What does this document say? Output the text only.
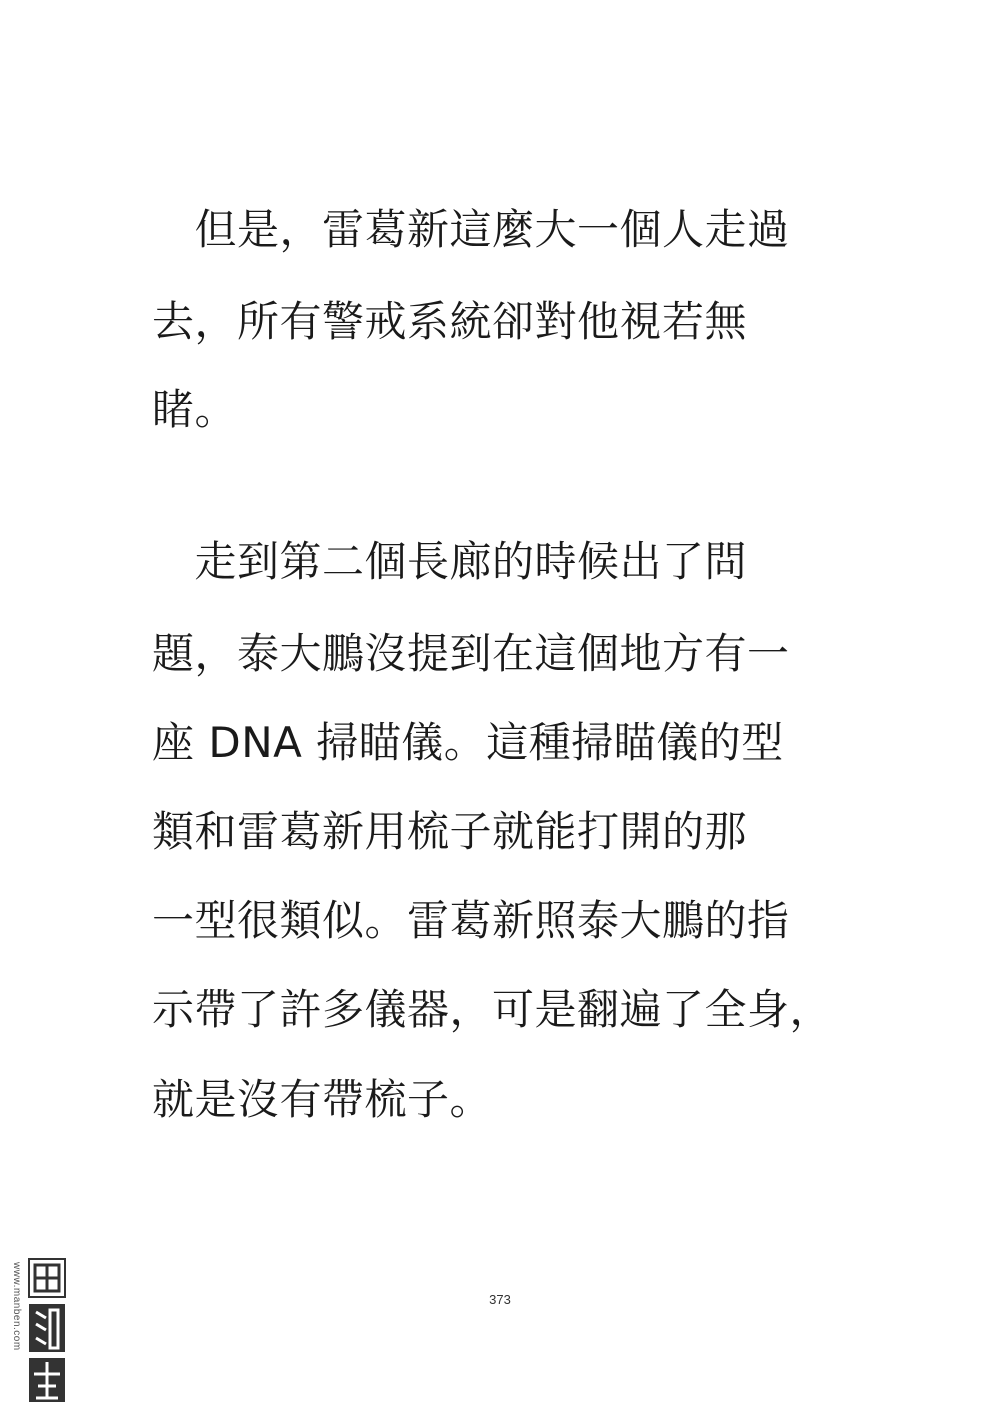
　但是，雷葛新這麼大一個人走過
去，所有警戒系統卻對他視若無
睹。
　走到第二個長廊的時候出了問
題，泰大鵬沒提到在這個地方有一
座 DNA 掃瞄儀。這種掃瞄儀的型
類和雷葛新用梳子就能打開的那
一型很類似。雷葛新照泰大鵬的指
示帶了許多儀器，可是翻遍了全身，
就是沒有帶梳子。
373
www.manben.com
